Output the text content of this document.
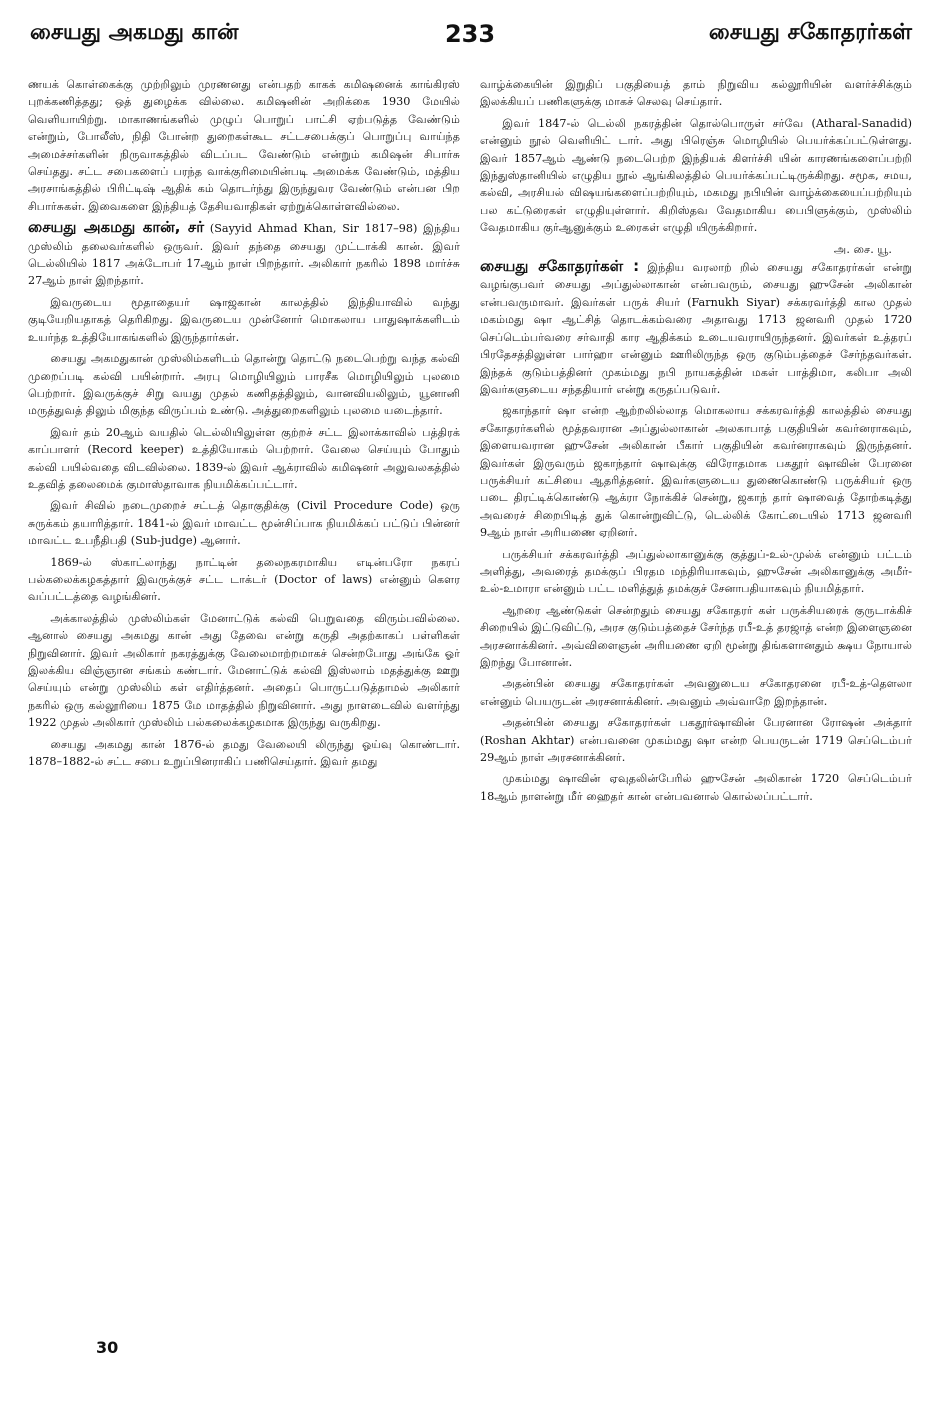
சையது அகமது கான்	233	சையது சகோதரர்கள்

ணயக் கொள்கைக்கு முற்றிலும் முரணனது என்பதற் காகக் கமிஷனைக் காங்கிரஸ் புறக்கணித்தது; ஒத் துழைக்க வில்லை. கமிஷனின் அறிக்கை 1930 மேயில் வெளியாயிற்று. மாகாணங்களில் முழுப் பொறுப் பாட்சி ஏற்படுத்த வேண்டும் என்றும், போலீஸ், நிதி போன்ற துறைகள்கூட சட்டசபைக்குப் பொறுப்பு வாய்ந்த அமைச்சர்களின் நிருவாகத்தில் விடப்பட வேண்டும் என்றும் கமிஷன் சிபார்சு செய்தது. சட்ட சபைகளைப் பரந்த வாக்குரிமையின்படி அமைக்க வேண்டும், மத்திய அரசாங்கத்தில் பிரிட்டிஷ் ஆதிக் கம் தொடர்ந்து இருந்துவர வேண்டும் என்பன பிற சிபார்சுகள். இவைகளை இந்தியத் தேசியவாதிகள் ஏற்றுக்கொள்ளவில்லை.

சையது அகமது கான், சர் (Sayyid Ahmad Khan, Sir 1817–98) இந்திய முஸ்லிம் தலைவர்களில் ஒருவர். இவர் தந்தை சையது முட்டாக்கி கான். இவர் டெல்லியில் 1817 அக்டோபர் 17ஆம் நாள் பிறந்தார். அலிகார் நகரில் 1898 மார்ச்சு 27ஆம் நாள் இறந்தார்.

இவருடைய மூதாதையர் ஷாஜகான் காலத்தில் இந்தியாவில் வந்து குடியேறியதாகத் தெரிகிறது. இவருடைய முன்னோர் மொகலாய பாதுஷாக்களிடம் உயர்ந்த உத்தியோகங்களில் இருந்தார்கள்.

சையது அகமதுகான் முஸ்லிம்களிடம் தொன்று தொட்டு நடைபெற்று வந்த கல்வி முறைப்படி கல்வி பயின்றார். அரபு மொழியிலும் பாரசீக மொழியிலும் புலமை பெற்றார். இவருக்குச் சிறு வயது முதல் கணிதத்திலும், வானவியலிலும், யூனானி மருத்துவத் திலும் மிகுந்த விருப்பம் உண்டு. அத்துறைகளிலும் புலமை யடைந்தார்.

இவர் தம் 20ஆம் வயதில் டெல்லியிலுள்ள குற்றச் சட்ட இலாக்காவில் பத்திரக் காப்பாளர் (Record keeper) உத்தியோகம் பெற்றார். வேலை செய்யும் போதும் கல்வி பயில்வதை விடவில்லை. 1839-ல் இவர் ஆக்ராவில் கமிஷனர் அலுவலகத்தில் உதவித் தலைமைக் குமாஸ்தாவாக நியமிக்கப்பட்டார்.

இவர் சிவில் நடைமுறைச் சட்டத் தொகுதிக்கு (Civil Procedure Code) ஒரு சுருக்கம் தயாரித்தார். 1841-ல் இவர் மாவட்ட மூன்சிப்பாக நியமிக்கப் பட்டுப் பின்னர் மாவட்ட உபநீதிபதி (Sub-judge) ஆனார்.

1869-ல் ஸ்காட்லாந்து நாட்டின் தலைநகரமாகிய எடின்பரோ நகரப் பல்கலைக்கழகத்தார் இவருக்குச் சட்ட டாக்டர் (Doctor of laws) என்னும் கௌர வப்பட்டத்தை வழங்கினர்.

அக்காலத்தில் முஸ்லிம்கள் மேனாட்டுக் கல்வி பெறுவதை விரும்பவில்லை. ஆனால் சையது அகமது கான் அது தேவை என்று கருதி அதற்காகப் பள்ளிகள் நிறுவினார். இவர் அலிகார் நகரத்துக்கு வேலைமாற்றமாகச் சென்றபோது அங்கே ஓர் இலக்கிய விஞ்ஞான சங்கம் கண்டார். மேனாட்டுக் கல்வி இஸ்லாம் மதத்துக்கு ஊறு செய்யும் என்று முஸ்லிம் கள் எதிர்த்தனர். அதைப் பொருட்படுத்தாமல் அலிகார் நகரில் ஒரு கல்லூரியை 1875 மே மாதத்தில் நிறுவினார். அது நாளடைவில் வளர்ந்து 1922 முதல் அலிகார் முஸ்லிம் பல்கலைக்கழகமாக இருந்து வருகிறது.

சையது அகமது கான் 1876-ல் தமது வேலையி லிருந்து ஓய்வு கொண்டார். 1878–1882-ல் சட்ட சபை உறுப்பினராகிப் பணிசெய்தார். இவர் தமது

வாழ்க்கையின் இறுதிப் பகுதியைத் தாம் நிறுவிய கல்லூரியின் வளர்ச்சிக்கும் இலக்கியப் பணிகளுக்கு மாகச் செலவு செய்தார்.

இவர் 1847-ல் டெல்லி நகரத்தின் தொல்பொருள் சர்வே (Atharal-Sanadid) என்னும் நூல் வெளியிட் டார். அது பிரெஞ்சு மொழியில் பெயர்க்கப்பட்டுள்ளது. இவர் 1857ஆம் ஆண்டு நடைபெற்ற இந்தியக் கிளர்ச்சி யின் காரணங்களைப்பற்றி இந்துஸ்தானியில் எழுதிய நூல் ஆங்கிலத்தில் பெயர்க்கப்பட்டிருக்கிறது. சமூக, சமய, கல்வி, அரசியல் விஷயங்களைப்பற்றியும், மகமது நபியின் வாழ்க்கையைப்பற்றியும் பல கட்டுரைகள் எழுதியுள்ளார். கிறிஸ்தவ வேதமாகிய பைபிளுக்கும், முஸ்லிம் வேதமாகிய குர்ஆனுக்கும் உரைகள் எழுதி யிருக்கிறார்.

அ. சை. யூ.

சையது சகோதரர்கள் : இந்திய வரலாற் றில் சையது சகோதரர்கள் என்று வழங்குபவர் சையது அப்துல்லாகான் என்பவரும், சையது ஹுசேன் அலிகான் என்பவருமாவர். இவர்கள் பருக் சியர் (Farnukh Siyar) சக்கரவர்த்தி கால முதல் மகம்மது ஷா ஆட்சித் தொடக்கம்வரை அதாவது 1713 ஜனவரி முதல் 1720 செப்டெம்பர்வரை சர்வாதி கார ஆதிக்கம் உடையவராயிருந்தனர். இவர்கள் உத்தரப் பிரதேசத்திலுள்ள பார்ஹா என்னும் ஊரிலிருந்த ஒரு குடும்பத்தைச் சேர்ந்தவர்கள். இந்தக் குடும்பத்தினர் முகம்மது நபி நாயகத்தின் மகள் பாத்திமா, கலிபா அலி இவர்களுடைய சந்ததியார் என்று கருதப்படுவர்.

ஜகாந்தார் ஷா என்ற ஆற்றலில்லாத மொகலாய சக்கரவர்த்தி காலத்தில் சையது சகோதரர்களில் மூத்தவரான அப்துல்லாகான் அலகாபாத் பகுதியின் கவர்னராகவும், இளையவரான ஹுசேன் அலிகான் பீகார் பகுதியின் கவர்னராகவும் இருந்தனர். இவர்கள் இருவரும் ஜகாந்தார் ஷாவுக்கு விரோதமாக பகதூர் ஷாவின் பேரனை பருக்சியர் கட்சியை ஆதரித்தனர். இவர்களுடைய துணைகொண்டு பருக்சியர் ஒரு படை திரட்டிக்கொண்டு ஆக்ரா நோக்கிச் சென்று, ஜகாந் தார் ஷாவைத் தோற்கடித்து அவரைச் சிறைபிடித் துக் கொன்றுவிட்டு, டெல்லிக் கோட்டையில் 1713 ஜனவரி 9ஆம் நாள் அரியணை ஏறினர்.

பருக்சியர் சக்கரவர்த்தி அப்துல்லாகானுக்கு குத்துப்-உல்-முல்க் என்னும் பட்டம் அளித்து, அவரைத் தமக்குப் பிரதம மந்திரியாகவும், ஹுசேன் அலிகானுக்கு அமீர்-உல்-உமாரா என்னும் பட்ட மளித்துத் தமக்குச் சேனாபதியாகவும் நியமித்தார்.

ஆறரை ஆண்டுகள் சென்றதும் சையது சகோதரர் கள் பருக்சியரைக் குருடாக்கிச் சிறையில் இட்டுவிட்டு, அரச குடும்பத்தைச் சேர்ந்த ரபீ-உத் தரஜாத் என்ற இளைஞனை அரசனாக்கினர். அவ்விளைஞன் அரியணை ஏறி மூன்று திங்களானதும் க்ஷய நோயால் இறந்து போனான்.

அதன்பின் சையது சகோதரர்கள் அவனுடைய சகோதரனை ரபீ-உத்-தௌலா என்னும் பெயருடன் அரசனாக்கினர். அவனும் அவ்வாறே இறந்தான்.

அதன்பின் சையது சகோதரர்கள் பகதூர்ஷாவின் பேரனான ரோஷன் அக்தார் (Roshan Akhtar) என்பவனை முகம்மது ஷா என்ற பெயருடன் 1719 செப்டெம்பர் 29ஆம் நாள் அரசனாக்கினர்.

முகம்மது ஷாவின் ஏவுதலின்பேரில் ஹுசேன் அலிகான் 1720 செப்டெம்பர் 18ஆம் நாளன்று மீர் ஹைதர் கான் என்பவனால் கொல்லப்பட்டார்.

30
